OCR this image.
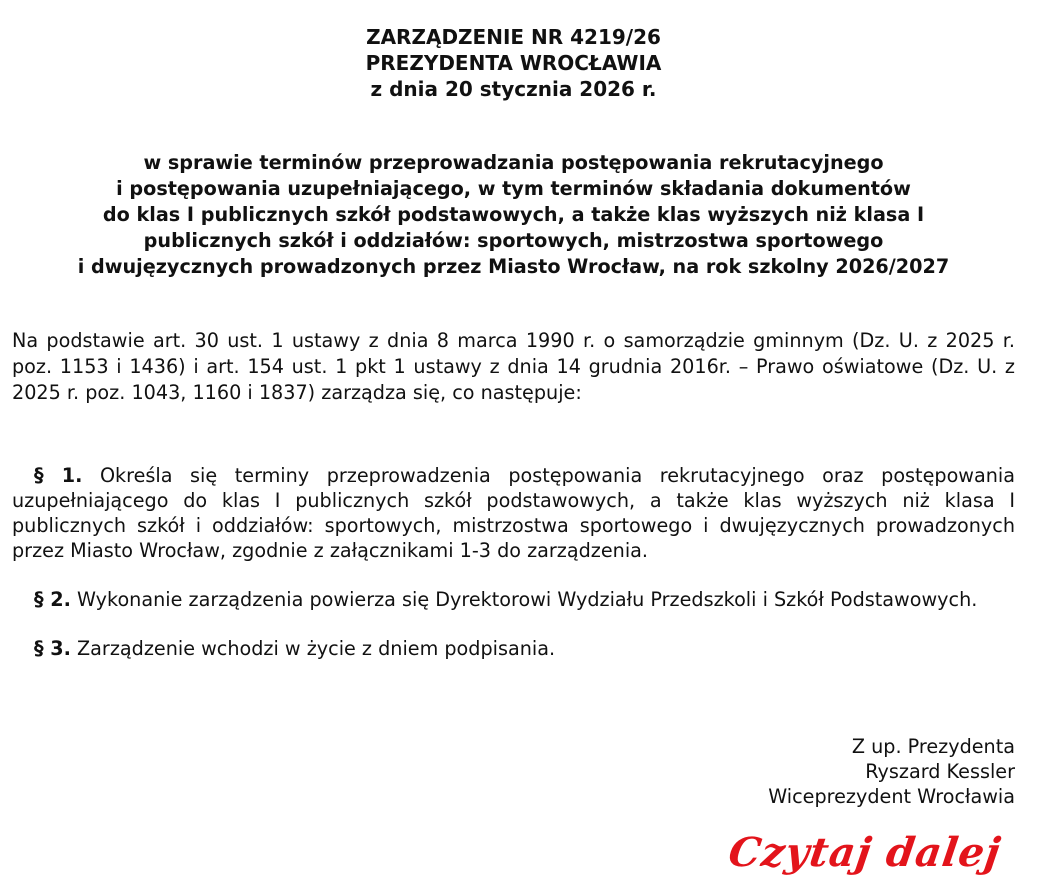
ZARZĄDZENIE NR 4219/26

PREZYDENTA WROCŁAWIA

z dnia 20 stycznia 2026 r.

w sprawie terminów przeprowadzania postępowania rekrutacyjnego
i postępowania uzupełniającego, w tym terminów składania dokumentów
do klas I publicznych szkół podstawowych, a także klas wyższych niż klasa I
publicznych szkół i oddziałów: sportowych, mistrzostwa sportowego
i dwujęzycznych prowadzonych przez Miasto Wrocław, na rok szkolny 2026/2027

Na podstawie art. 30 ust. 1 ustawy z dnia 8 marca 1990 r. o samorządzie gminnym (Dz. U. z 2025 r. poz. 1153 i 1436) i art. 154 ust. 1 pkt 1 ustawy z dnia 14 grudnia 2016r. – Prawo oświatowe (Dz. U. z 2025 r. poz. 1043, 1160 i 1837) zarządza się, co następuje:

§ 1. Określa się terminy przeprowadzenia postępowania rekrutacyjnego oraz postępowania uzupełniającego do klas I publicznych szkół podstawowych, a także klas wyższych niż klasa I publicznych szkół i oddziałów: sportowych, mistrzostwa sportowego i dwujęzycznych prowadzonych przez Miasto Wrocław, zgodnie z załącznikami 1-3 do zarządzenia.

§ 2. Wykonanie zarządzenia powierza się Dyrektorowi Wydziału Przedszkoli i Szkół Podstawowych.

§ 3. Zarządzenie wchodzi w życie z dniem podpisania.

Z up. Prezydenta
Ryszard Kessler
Wiceprezydent Wrocławia
Czytaj dalej
